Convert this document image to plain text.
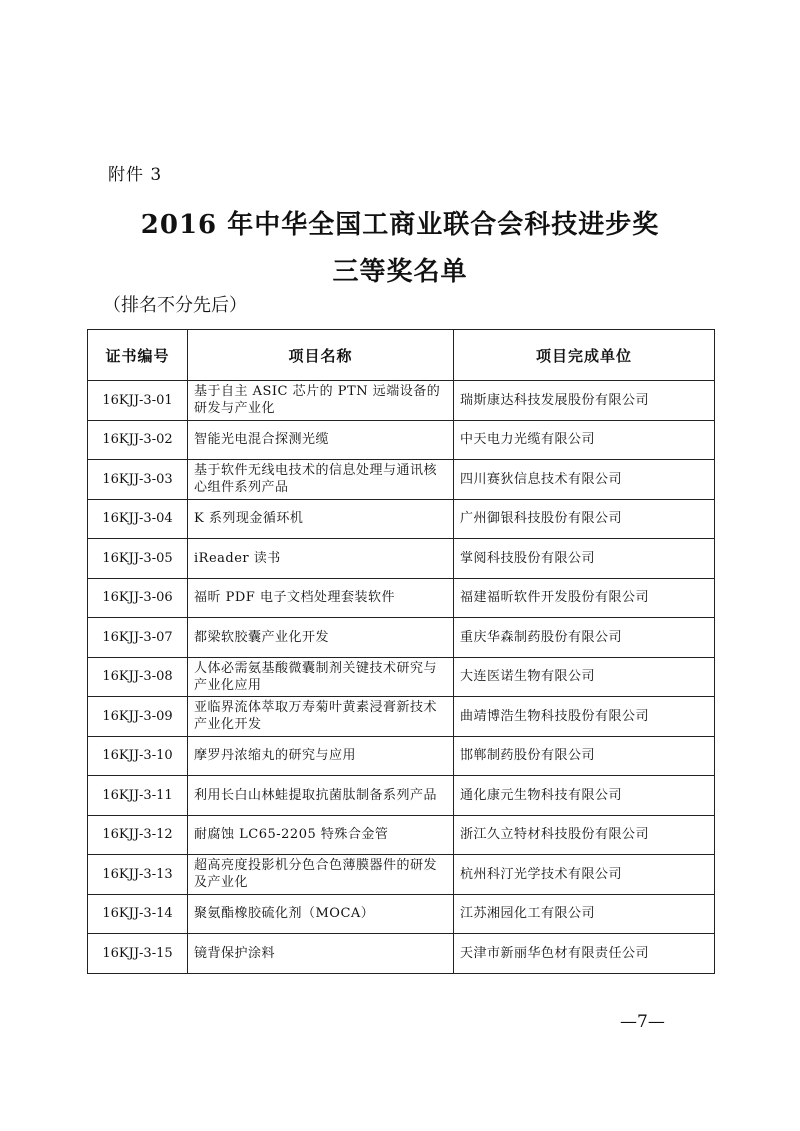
附件 3
2016 年中华全国工商业联合会科技进步奖
三等奖名单
（排名不分先后）
证书编号	项目名称	项目完成单位
16KJJ-3-01	基于自主 ASIC 芯片的 PTN 远端设备的研发与产业化	瑞斯康达科技发展股份有限公司
16KJJ-3-02	智能光电混合探测光缆	中天电力光缆有限公司
16KJJ-3-03	基于软件无线电技术的信息处理与通讯核心组件系列产品	四川赛狄信息技术有限公司
16KJJ-3-04	K 系列现金循环机	广州御银科技股份有限公司
16KJJ-3-05	iReader 读书	掌阅科技股份有限公司
16KJJ-3-06	福昕 PDF 电子文档处理套装软件	福建福昕软件开发股份有限公司
16KJJ-3-07	都梁软胶囊产业化开发	重庆华森制药股份有限公司
16KJJ-3-08	人体必需氨基酸微囊制剂关键技术研究与产业化应用	大连医诺生物有限公司
16KJJ-3-09	亚临界流体萃取万寿菊叶黄素浸膏新技术产业化开发	曲靖博浩生物科技股份有限公司
16KJJ-3-10	摩罗丹浓缩丸的研究与应用	邯郸制药股份有限公司
16KJJ-3-11	利用长白山林蛙提取抗菌肽制备系列产品	通化康元生物科技有限公司
16KJJ-3-12	耐腐蚀 LC65-2205 特殊合金管	浙江久立特材科技股份有限公司
16KJJ-3-13	超高亮度投影机分色合色薄膜器件的研发及产业化	杭州科汀光学技术有限公司
16KJJ-3-14	聚氨酯橡胶硫化剂（MOCA）	江苏湘园化工有限公司
16KJJ-3-15	镜背保护涂料	天津市新丽华色材有限责任公司
—7—
